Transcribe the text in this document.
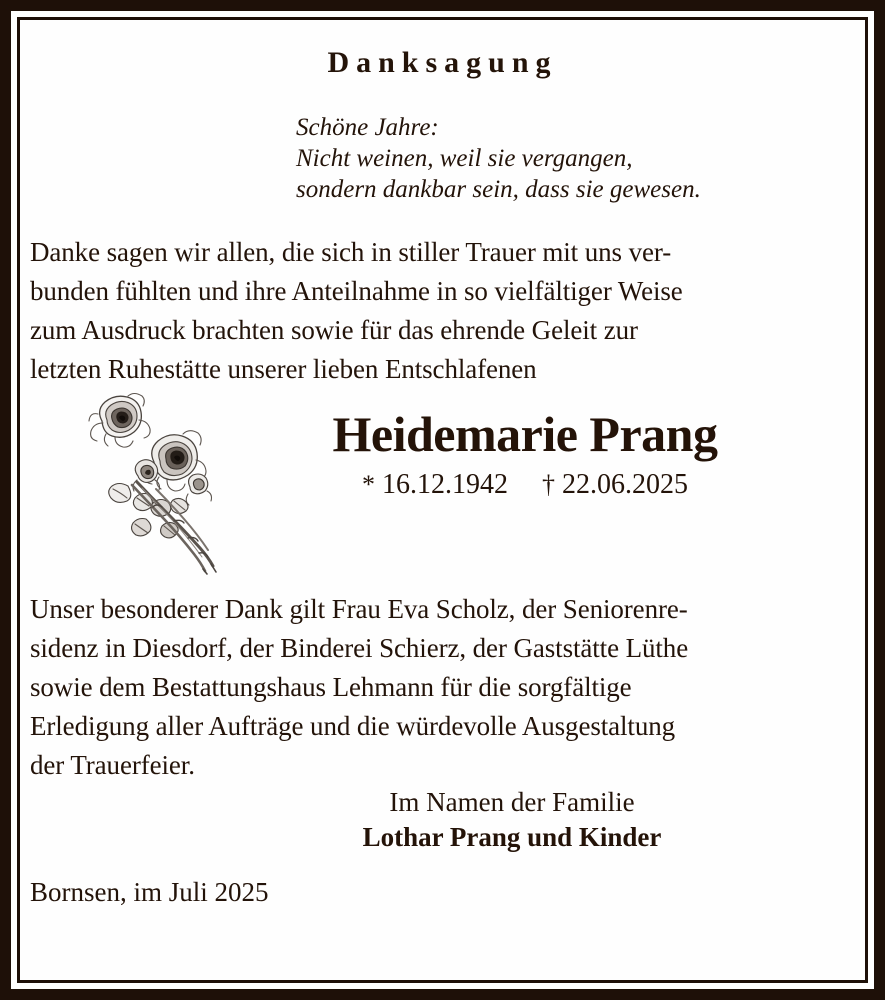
Danksagung
Schöne Jahre:
Nicht weinen, weil sie vergangen,
sondern dankbar sein, dass sie gewesen.
Danke sagen wir allen, die sich in stiller Trauer mit uns ver-
bunden fühlten und ihre Anteilnahme in so vielfältiger Weise
zum Ausdruck brachten sowie für das ehrende Geleit zur
letzten Ruhestätte unserer lieben Entschlafenen
Heidemarie Prang
* 16.12.1942 † 22.06.2025
Unser besonderer Dank gilt Frau Eva Scholz, der Seniorenre-
sidenz in Diesdorf, der Binderei Schierz, der Gaststätte Lüthe
sowie dem Bestattungshaus Lehmann für die sorgfältige
Erledigung aller Aufträge und die würdevolle Ausgestaltung
der Trauerfeier.
Im Namen der Familie
Lothar Prang und Kinder
Bornsen, im Juli 2025
